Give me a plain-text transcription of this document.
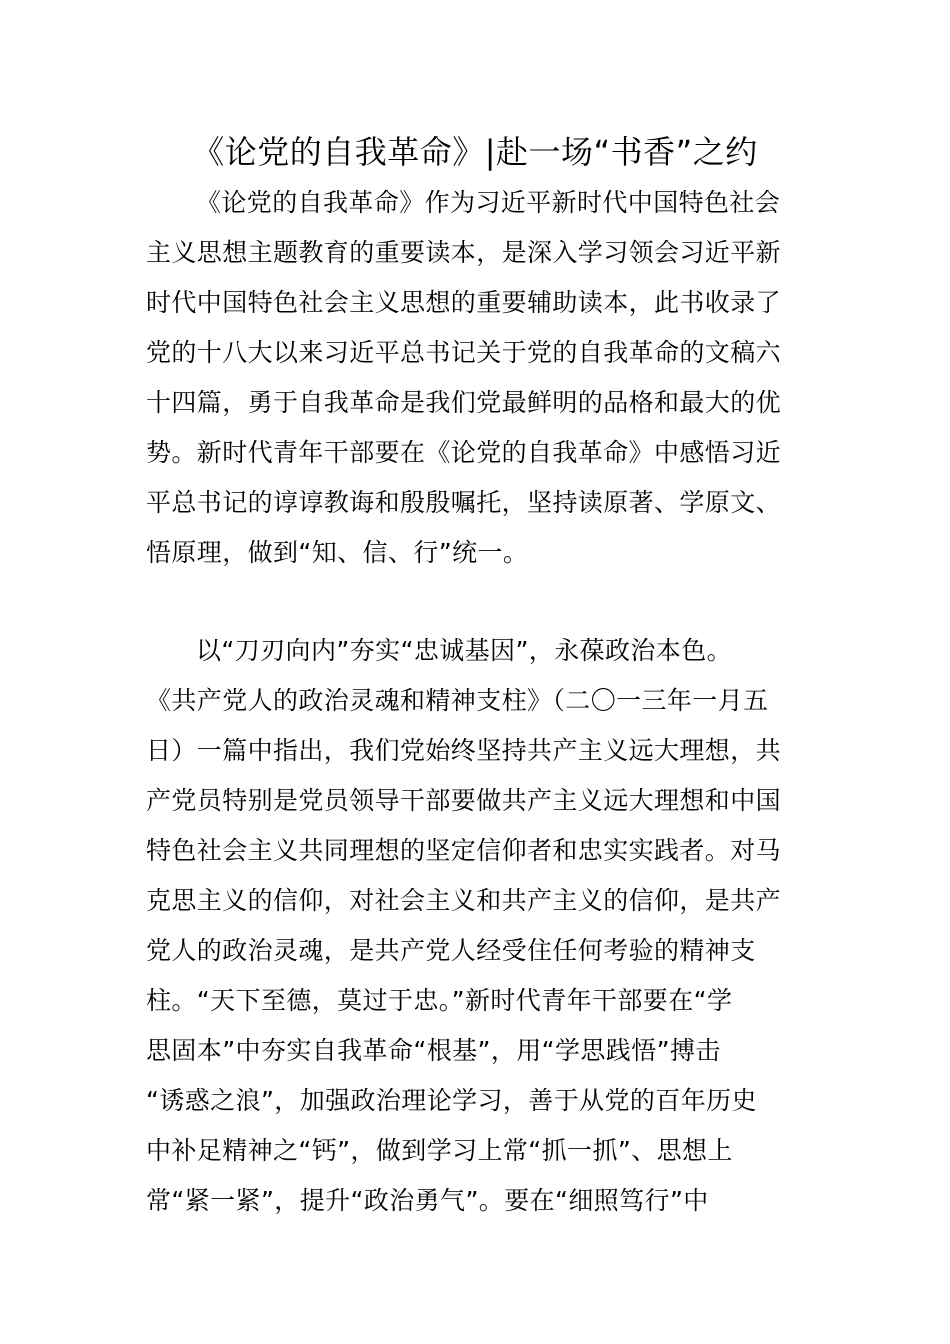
《论党的自我革命》|赴一场“书香”之约
《论党的自我革命》作为习近平新时代中国特色社会
主义思想主题教育的重要读本，是深入学习领会习近平新
时代中国特色社会主义思想的重要辅助读本，此书收录了
党的十八大以来习近平总书记关于党的自我革命的文稿六
十四篇，勇于自我革命是我们党最鲜明的品格和最大的优
势。新时代青年干部要在《论党的自我革命》中感悟习近
平总书记的谆谆教诲和殷殷嘱托，坚持读原著、学原文、
悟原理，做到“知、信、行”统一。
以“刀刃向内”夯实“忠诚基因”，永葆政治本色。
《共产党人的政治灵魂和精神支柱》（二〇一三年一月五
日）一篇中指出，我们党始终坚持共产主义远大理想，共
产党员特别是党员领导干部要做共产主义远大理想和中国
特色社会主义共同理想的坚定信仰者和忠实实践者。对马
克思主义的信仰，对社会主义和共产主义的信仰，是共产
党人的政治灵魂，是共产党人经受住任何考验的精神支
柱。“天下至德，莫过于忠。”新时代青年干部要在“学
思固本”中夯实自我革命“根基”，用“学思践悟”搏击
“诱惑之浪”，加强政治理论学习，善于从党的百年历史
中补足精神之“钙”，做到学习上常“抓一抓”、思想上
常“紧一紧”，提升“政治勇气”。要在“细照笃行”中
